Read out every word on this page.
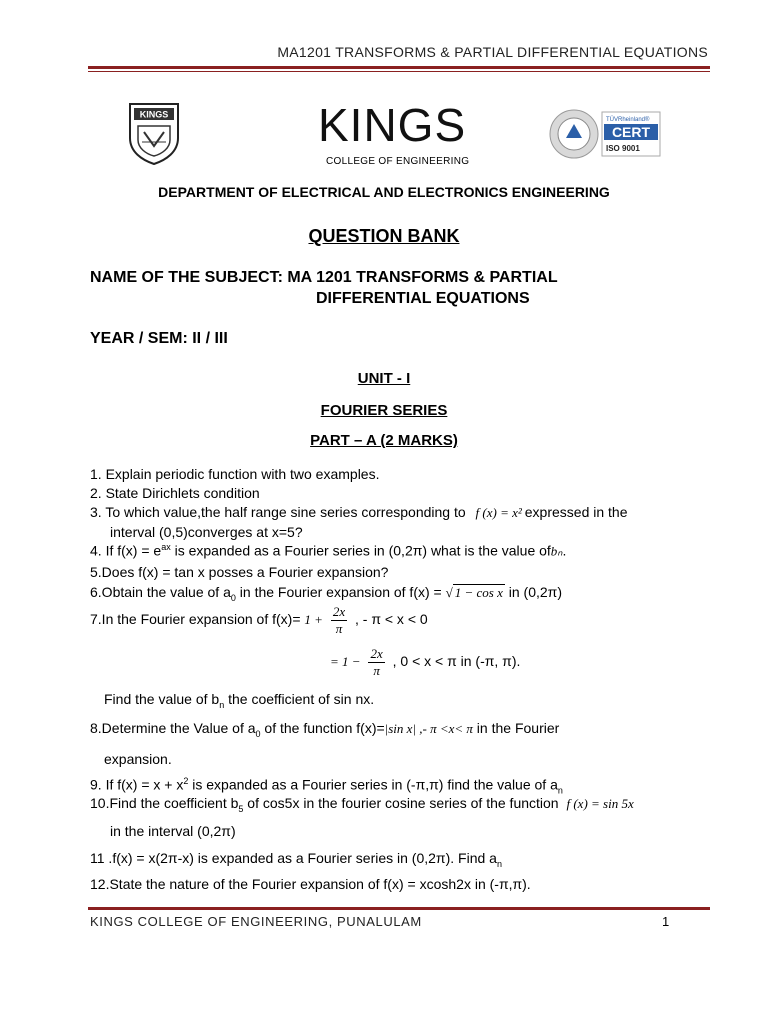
MA1201 TRANSFORMS & PARTIAL DIFFERENTIAL EQUATIONS
KINGS	KINGS
COLLEGE OF ENGINEERING
TÜVRheinland®
CERT
ISO 9001
DEPARTMENT OF ELECTRICAL AND ELECTRONICS ENGINEERING
QUESTION BANK
NAME OF THE SUBJECT: MA 1201 TRANSFORMS & PARTIAL
DIFFERENTIAL EQUATIONS
YEAR / SEM: II / III
UNIT - I
FOURIER SERIES
PART – A (2 MARKS)
1. Explain periodic function with two examples.
2. State Dirichlets condition
3. To which value,the half range sine series corresponding to f (x) = x² expressed in the
interval (0,5)converges at x=5?
4. If $f(x) = e^{ax}$ is expanded as a Fourier series in (0,2π) what is the value ofbₙ.
5.Does f(x) = tan x posses a Fourier expansion?
6.Obtain the value of $a_0$ in the Fourier expansion of f(x) = √ 1 − cos x in (0,2π)
7.In the Fourier expansion of $f(x)= 1 + \frac{2x}{\pi}$ , - π < x < 0
= $1 - \frac{2x}{\pi}$ , 0 < x < π in (-π, π).
Find the value of $b_n$ the coefficient of sin nx.
8.Determine the Value of $a_0$ of the function f(x)=|sin x| ,- π <x< π in the Fourier
expansion.
9. If $f(x) = x + x^2$ is expanded as a Fourier series in (-π,π) find the value of $a_n$
10.Find the coefficient $b_5$ of cos5x in the fourier cosine series of the function f (x) = sin 5x
in the interval (0,2π)
11 .f(x) = x(2π-x) is expanded as a Fourier series in (0,2π). Find $a_n$
12.State the nature of the Fourier expansion of f(x) = xcosh2x in (-π,π).
KINGS COLLEGE OF ENGINEERING, PUNALULAM	1
